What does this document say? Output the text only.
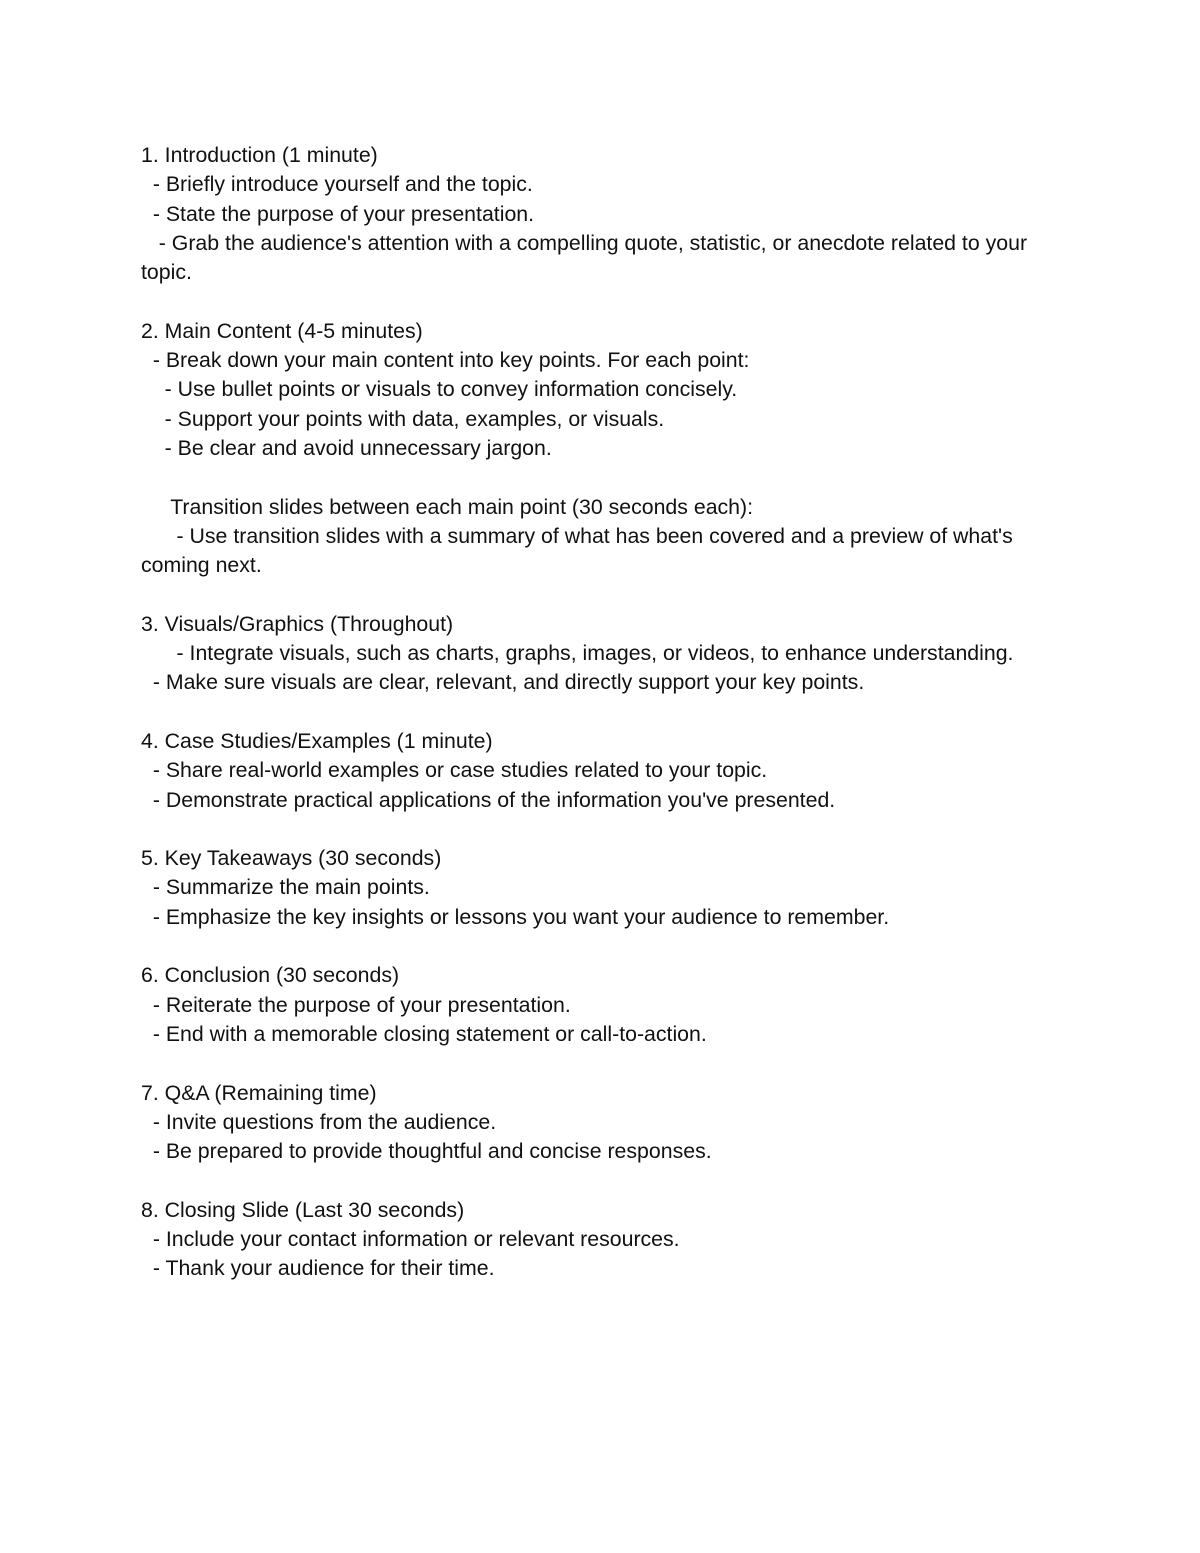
1. Introduction (1 minute)
- Briefly introduce yourself and the topic.
- State the purpose of your presentation.
- Grab the audience's attention with a compelling quote, statistic, or anecdote related to your topic.
2. Main Content (4-5 minutes)
- Break down your main content into key points. For each point:
- Use bullet points or visuals to convey information concisely.
- Support your points with data, examples, or visuals.
- Be clear and avoid unnecessary jargon.
Transition slides between each main point (30 seconds each):
- Use transition slides with a summary of what has been covered and a preview of what's coming next.
3. Visuals/Graphics (Throughout)
- Integrate visuals, such as charts, graphs, images, or videos, to enhance understanding.
- Make sure visuals are clear, relevant, and directly support your key points.
4. Case Studies/Examples (1 minute)
- Share real-world examples or case studies related to your topic.
- Demonstrate practical applications of the information you've presented.
5. Key Takeaways (30 seconds)
- Summarize the main points.
- Emphasize the key insights or lessons you want your audience to remember.
6. Conclusion (30 seconds)
- Reiterate the purpose of your presentation.
- End with a memorable closing statement or call-to-action.
7. Q&A (Remaining time)
- Invite questions from the audience.
- Be prepared to provide thoughtful and concise responses.
8. Closing Slide (Last 30 seconds)
- Include your contact information or relevant resources.
- Thank your audience for their time.
